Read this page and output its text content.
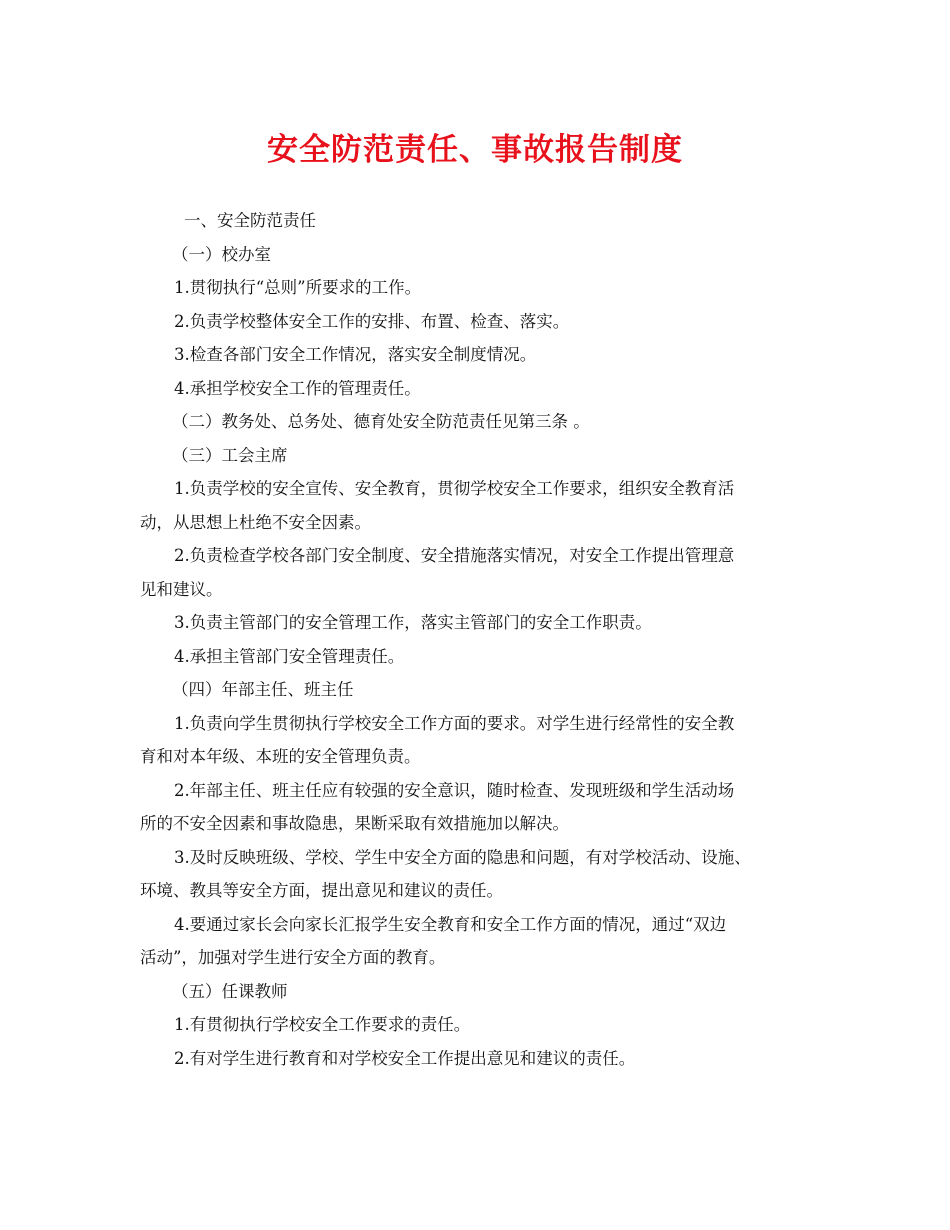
安全防范责任、事故报告制度

一、安全防范责任

（一）校办室

1.贯彻执行“总则”所要求的工作。

2.负责学校整体安全工作的安排、布置、检查、落实。

3.检查各部门安全工作情况，落实安全制度情况。

4.承担学校安全工作的管理责任。

（二）教务处、总务处、德育处安全防范责任见第三条 。

（三）工会主席

1.负责学校的安全宣传、安全教育，贯彻学校安全工作要求，组织安全教育活

动，从思想上杜绝不安全因素。

2.负责检查学校各部门安全制度、安全措施落实情况，对安全工作提出管理意

见和建议。

3.负责主管部门的安全管理工作，落实主管部门的安全工作职责。

4.承担主管部门安全管理责任。

（四）年部主任、班主任

1.负责向学生贯彻执行学校安全工作方面的要求。对学生进行经常性的安全教

育和对本年级、本班的安全管理负责。

2.年部主任、班主任应有较强的安全意识，随时检查、发现班级和学生活动场

所的不安全因素和事故隐患，果断采取有效措施加以解决。

3.及时反映班级、学校、学生中安全方面的隐患和问题，有对学校活动、设施、

环境、教具等安全方面，提出意见和建议的责任。

4.要通过家长会向家长汇报学生安全教育和安全工作方面的情况，通过“双边

活动”，加强对学生进行安全方面的教育。

（五）任课教师

1.有贯彻执行学校安全工作要求的责任。

2.有对学生进行教育和对学校安全工作提出意见和建议的责任。
